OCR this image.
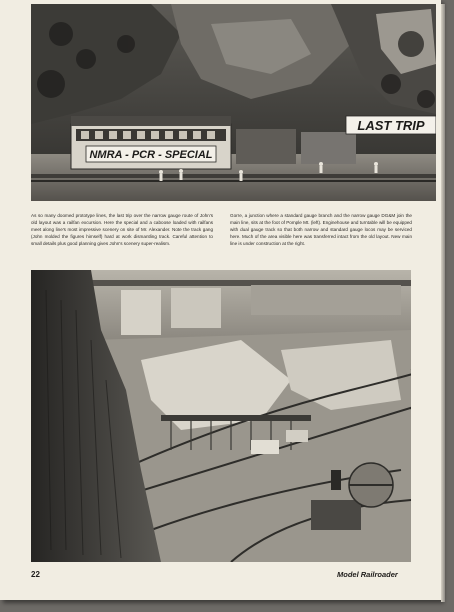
NMRA - PCR - SPECIAL
LAST TRIP
As so many doomed prototype lines, the last trip over the narrow gauge route of John's old layout was a railfan excursion. Here the special and a caboose loaded with railfans meet along line's most impressive scenery on site of Mr. Alexander. Note the track gang (John molded the figures himself) hard at work dismantling track. Careful attention to small details plus good planning gives John's scenery super-realism.
Gorre, a junction where a standard gauge branch and the narrow gauge DG&M join the main line, sits at the foot of Pomple Mt. (left). Enginehouse and turntable will be equipped with dual gauge track so that both narrow and standard gauge locos may be serviced here. Much of the area visible here was transferred intact from the old layout. New main line is under construction at the right.
22	Model Railroader
